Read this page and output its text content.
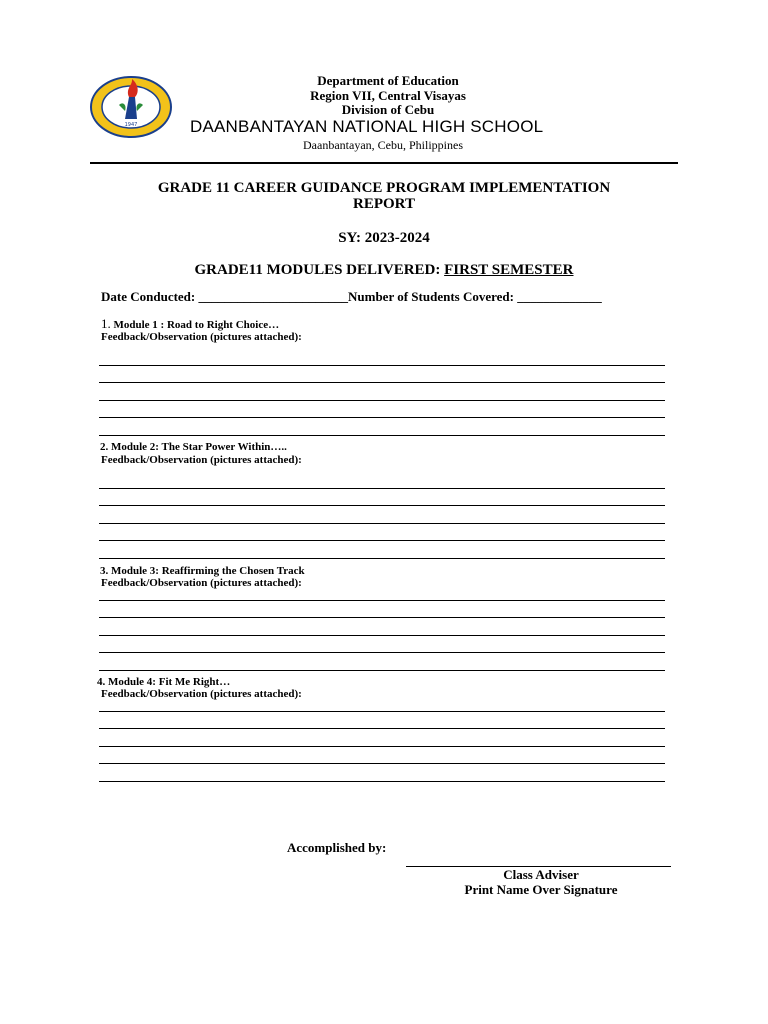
1947
Department of Education
Region VII, Central Visayas
Division of Cebu
DAANBANTAYAN NATIONAL HIGH SCHOOL
Daanbantayan, Cebu, Philippines
GRADE 11 CAREER GUIDANCE PROGRAM IMPLEMENTATION
REPORT
SY: 2023-2024
GRADE11 MODULES DELIVERED: FIRST SEMESTER
Date Conducted: _______________________Number of Students Covered: _____________
1. Module 1 : Road to Right Choice…
Feedback/Observation (pictures attached):
2. Module 2: The Star Power Within…..
Feedback/Observation (pictures attached):
3. Module 3: Reaffirming the Chosen Track
Feedback/Observation (pictures attached):
4. Module 4: Fit Me Right…
Feedback/Observation (pictures attached):
Accomplished by:
Class Adviser
Print Name Over Signature
